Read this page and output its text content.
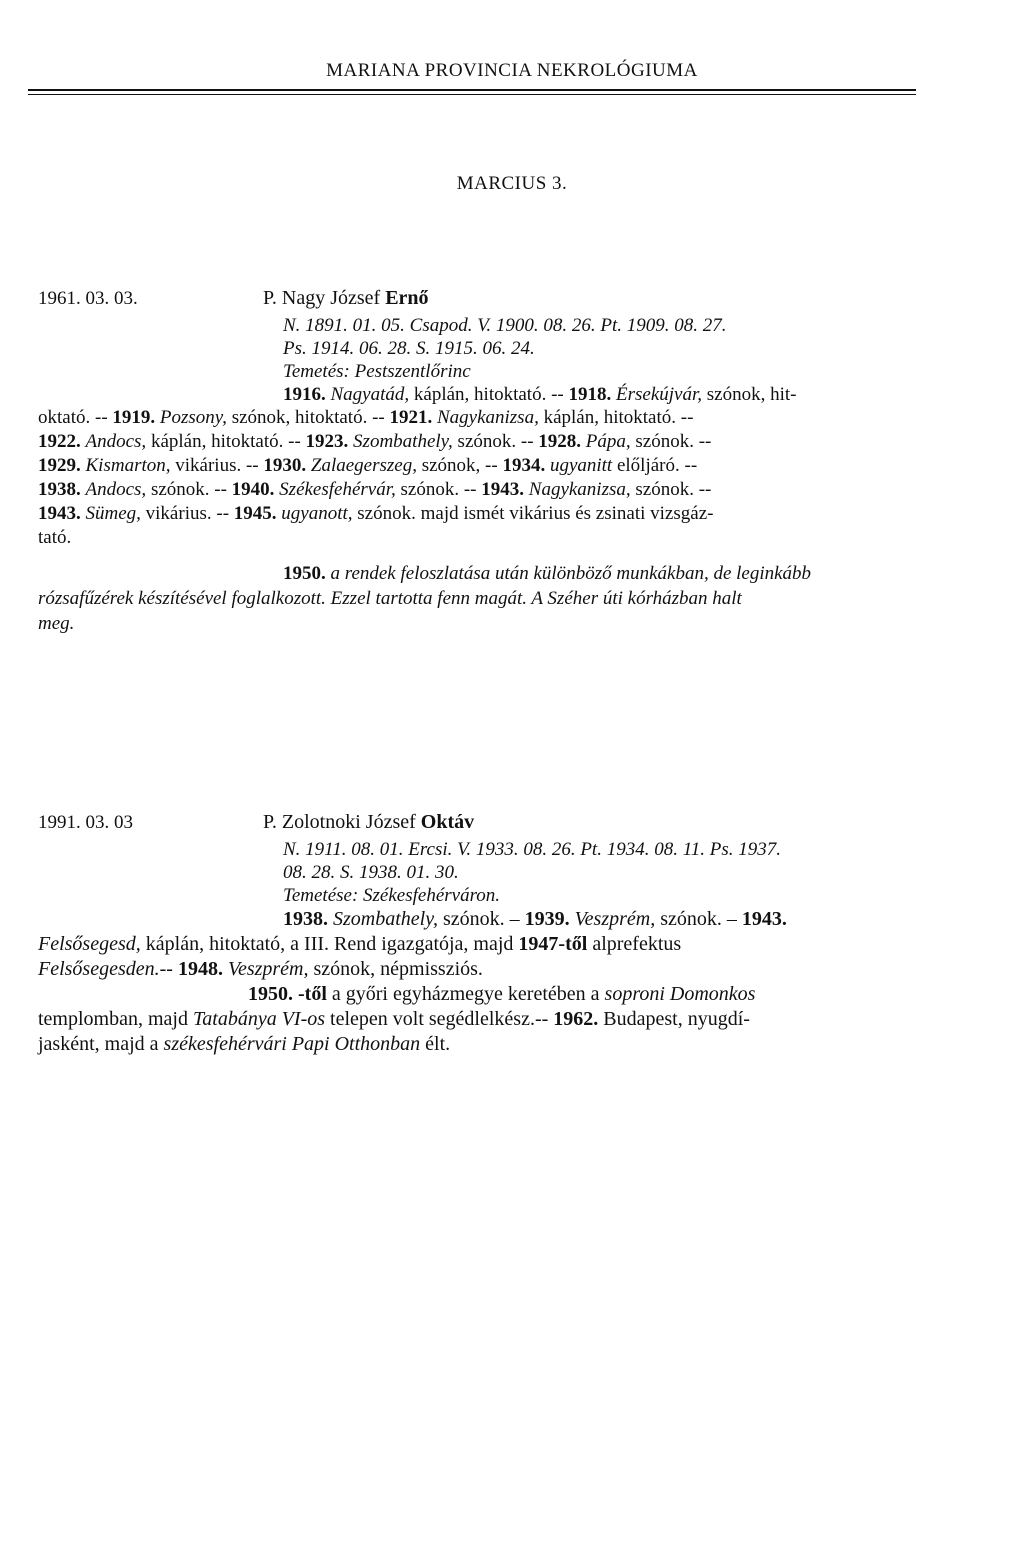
MARIANA PROVINCIA NEKROLÓGIUMA
MARCIUS 3.
1961. 03. 03.	P. Nagy József Ernő
N. 1891. 01. 05. Csapod. V. 1900. 08. 26. Pt. 1909. 08. 27.
Ps. 1914. 06. 28. S. 1915. 06. 24.
Temetés: Pestszentlőrinc
1916. Nagyatád, káplán, hitoktató. -- 1918. Érsekújvár, szónok, hit-
oktató. -- 1919. Pozsony, szónok, hitoktató. -- 1921. Nagykanizsa, káplán, hitoktató. --
1922. Andocs, káplán, hitoktató. -- 1923. Szombathely, szónok. -- 1928. Pápa, szónok. --
1929. Kismarton, vikárius. -- 1930. Zalaegerszeg, szónok, -- 1934. ugyanitt előljáró. --
1938. Andocs, szónok. -- 1940. Székesfehérvár, szónok. -- 1943. Nagykanizsa, szónok. --
1943. Sümeg, vikárius. -- 1945. ugyanott, szónok. majd ismét vikárius és zsinati vizsgáz-
tató.
1950. a rendek feloszlatása után különböző munkákban, de leginkább
rózsafűzérek készítésével foglalkozott. Ezzel tartotta fenn magát. A Széher úti kórházban halt
meg.
1991. 03. 03	P. Zolotnoki József Oktáv
N. 1911. 08. 01. Ercsi. V. 1933. 08. 26. Pt. 1934. 08. 11. Ps. 1937.
08. 28. S. 1938. 01. 30.
Temetése: Székesfehérváron.
1938. Szombathely, szónok. – 1939. Veszprém, szónok. – 1943.
Felsősegesd, káplán, hitoktató, a III. Rend igazgatója, majd 1947-től alprefektus
Felsősegesden.-- 1948. Veszprém, szónok, népmissziós.
1950. -től a győri egyházmegye keretében a soproni Domonkos
templomban, majd Tatabánya VI-os telepen volt segédlelkész.-- 1962. Budapest, nyugdí-
jasként, majd a székesfehérvári Papi Otthonban élt.
